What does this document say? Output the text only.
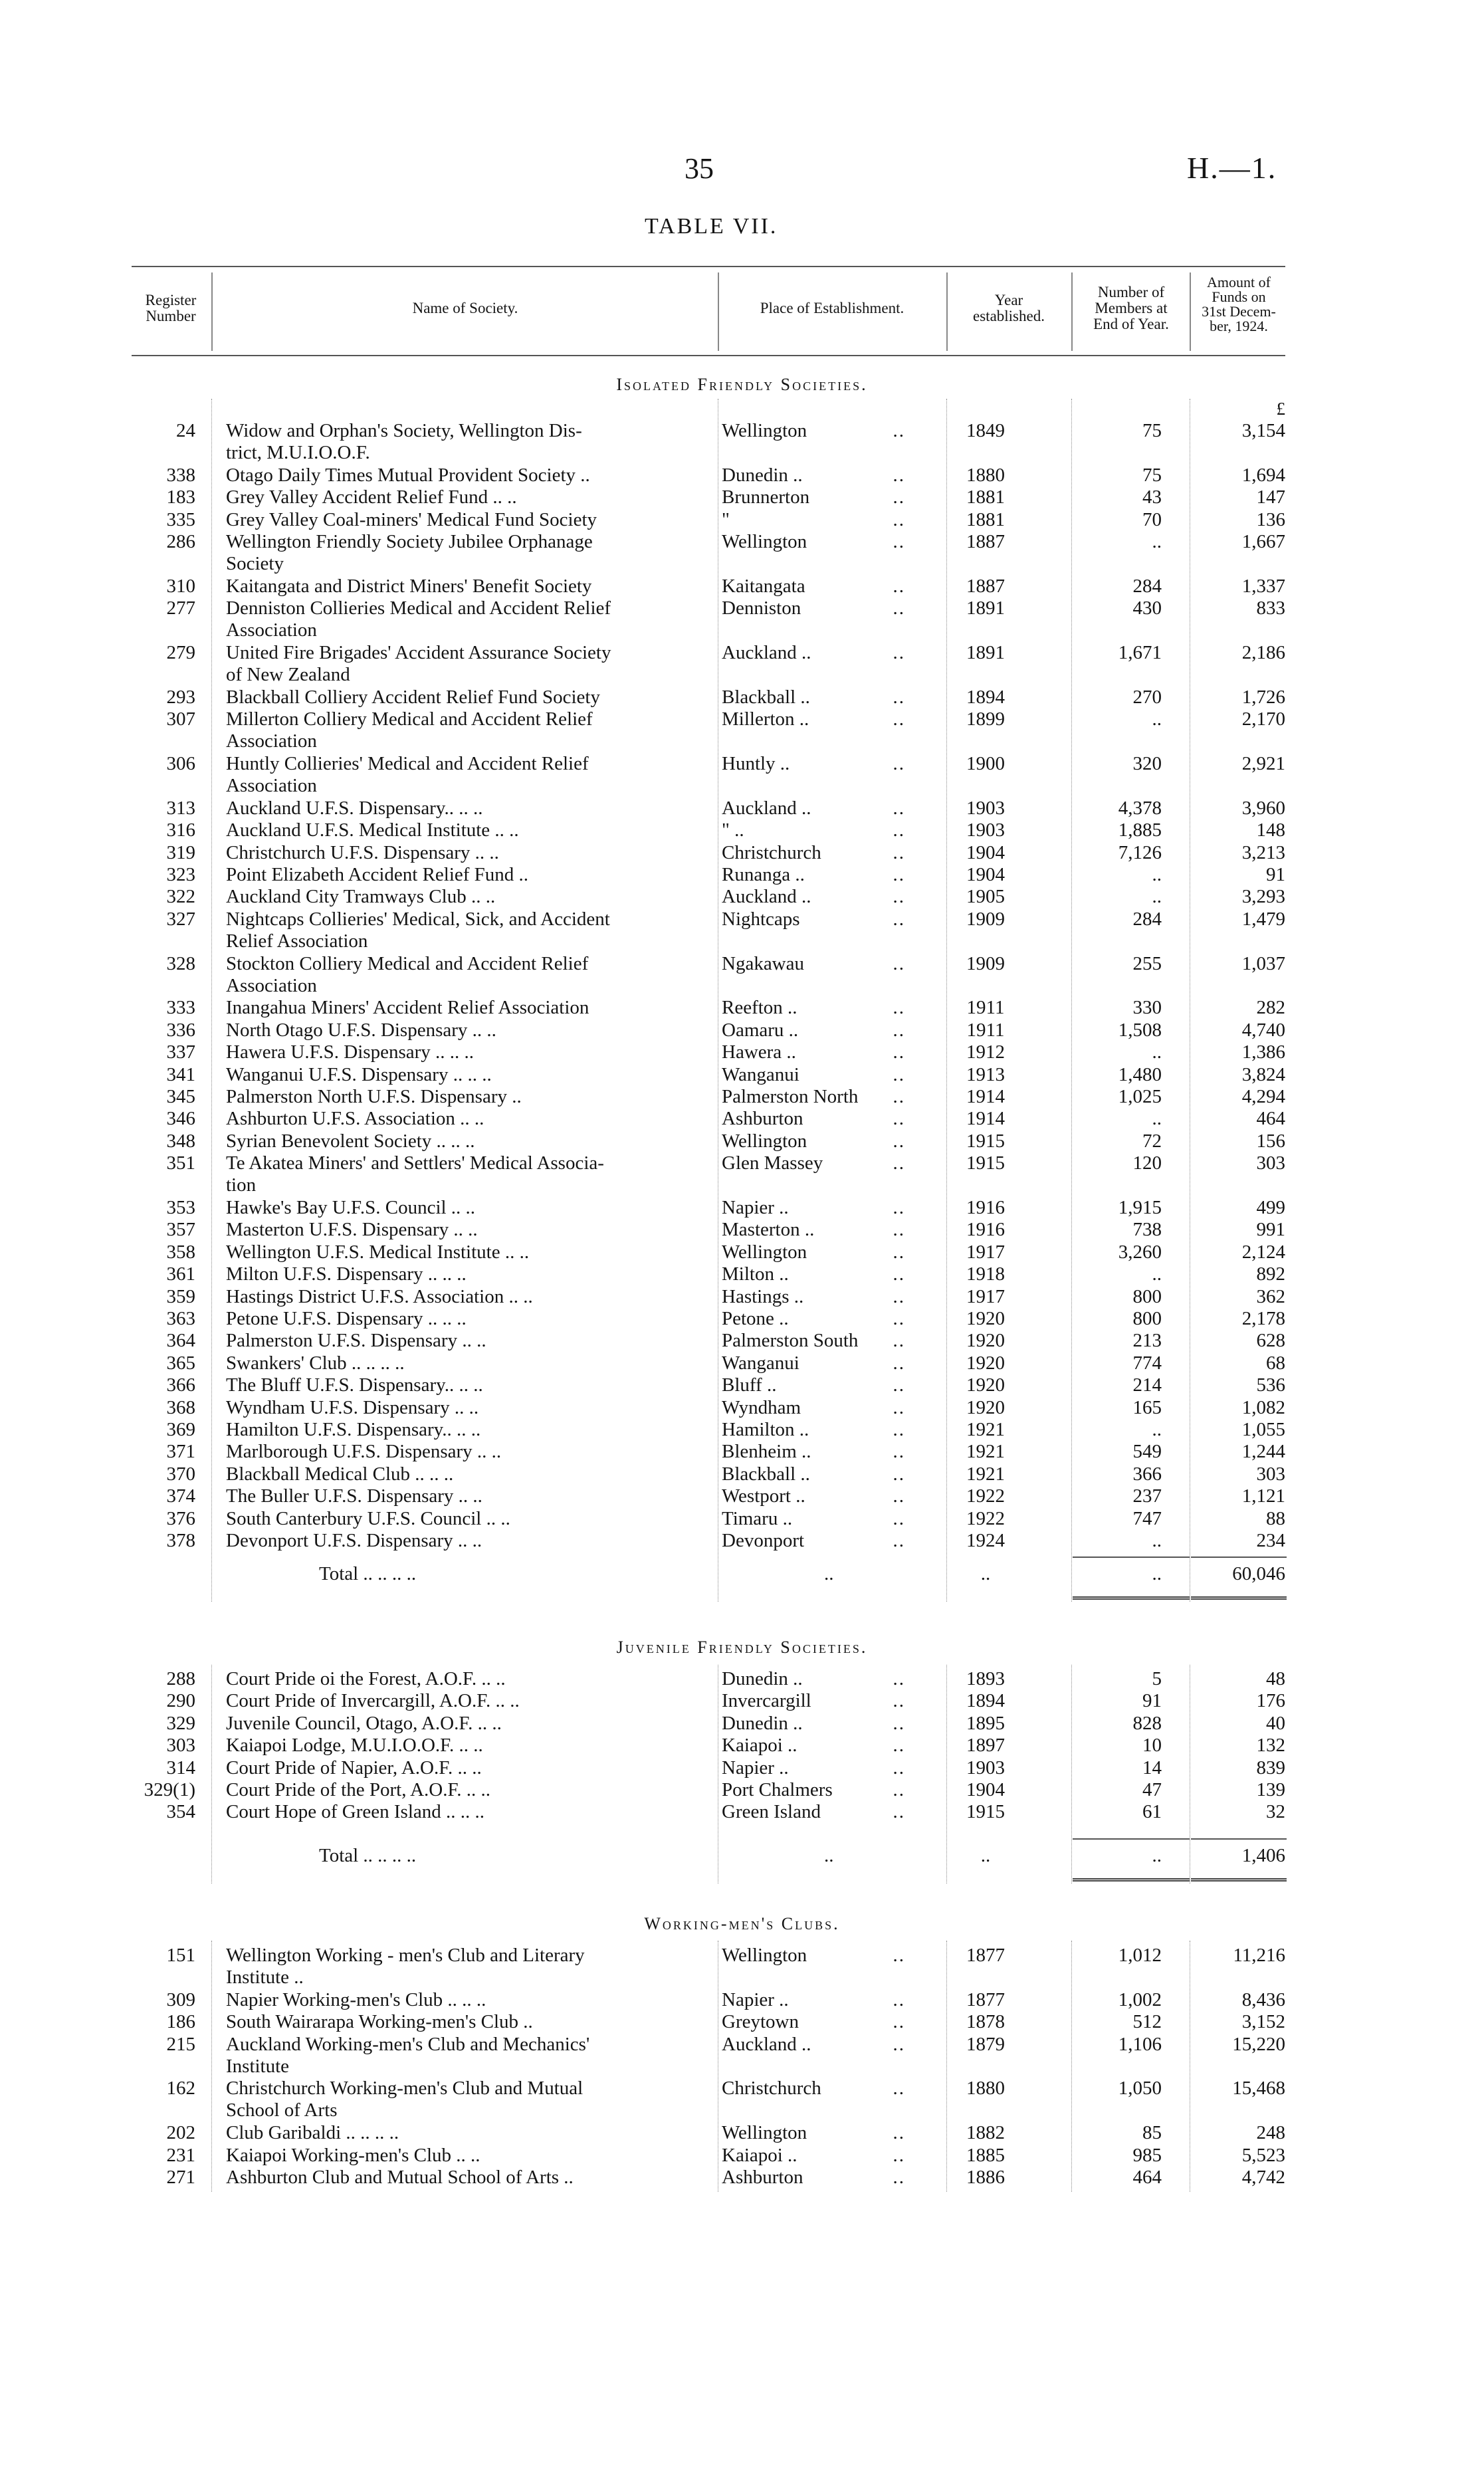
35	H.—1.
TABLE VII.
Register
Number	Name of Society.	Place of Establishment.	Year
established.
Number of
Members at
End of Year.
Amount of
Funds on
31st Decem-
ber, 1924.
Isolated Friendly Societies.
£
24 Widow and Orphan's Society, Wellington Dis-
trict, M.U.I.O.O.F.
Wellington	..	1849	75	3,154
338 Otago Daily Times Mutual Provident Society ..	Dunedin ..	..	1880	75	1,694
183 Grey Valley Accident Relief Fund .. ..	Brunnerton	..	1881	43	147
335 Grey Valley Coal-miners' Medical Fund Society	"	..	1881	70	136
286 Wellington Friendly Society Jubilee Orphanage
Society
Wellington	..	1887	..	1,667
310 Kaitangata and District Miners' Benefit Society	Kaitangata	..	1887	284	1,337
277 Denniston Collieries Medical and Accident Relief
Association
Denniston	..	1891	430	833
279 United Fire Brigades' Accident Assurance Society
of New Zealand
Auckland ..	..	1891	1,671	2,186
293 Blackball Colliery Accident Relief Fund Society	Blackball ..	..	1894	270	1,726
307 Millerton Colliery Medical and Accident Relief
Association
Millerton ..	..	1899	..	2,170
306 Huntly Collieries' Medical and Accident Relief
Association
Huntly ..	..	1900	320	2,921
313 Auckland U.F.S. Dispensary.. .. ..	Auckland ..	..	1903	4,378	3,960
316 Auckland U.F.S. Medical Institute .. ..	" ..	..	1903	1,885	148
319 Christchurch U.F.S. Dispensary .. ..	Christchurch	..	1904	7,126	3,213
323 Point Elizabeth Accident Relief Fund ..	Runanga ..	..	1904	..	91
322 Auckland City Tramways Club .. ..	Auckland ..	..	1905	..	3,293
327 Nightcaps Collieries' Medical, Sick, and Accident
Relief Association
Nightcaps	..	1909	284	1,479
328 Stockton Colliery Medical and Accident Relief
Association
Ngakawau	..	1909	255	1,037
333 Inangahua Miners' Accident Relief Association	Reefton ..	..	1911	330	282
336 North Otago U.F.S. Dispensary .. ..	Oamaru ..	..	1911	1,508	4,740
337 Hawera U.F.S. Dispensary .. .. ..	Hawera ..	..	1912	..	1,386
341 Wanganui U.F.S. Dispensary .. .. ..	Wanganui	..	1913	1,480	3,824
345 Palmerston North U.F.S. Dispensary ..	Palmerston North ..	1914	1,025	4,294
346 Ashburton U.F.S. Association .. ..	Ashburton	..	1914	..	464
348 Syrian Benevolent Society .. .. ..	Wellington	..	1915	72	156
351 Te Akatea Miners' and Settlers' Medical Associa-
tion
Glen Massey	..	1915	120	303
353 Hawke's Bay U.F.S. Council .. ..	Napier ..	..	1916	1,915	499
357 Masterton U.F.S. Dispensary .. ..	Masterton ..	..	1916	738	991
358 Wellington U.F.S. Medical Institute .. ..	Wellington	..	1917	3,260	2,124
361 Milton U.F.S. Dispensary .. .. ..	Milton ..	..	1918	..	892
359 Hastings District U.F.S. Association .. ..	Hastings ..	..	1917	800	362
363 Petone U.F.S. Dispensary .. .. ..	Petone ..	..	1920	800	2,178
364 Palmerston U.F.S. Dispensary .. ..	Palmerston South ..	1920	213	628
365 Swankers' Club .. .. .. ..	Wanganui	..	1920	774	68
366 The Bluff U.F.S. Dispensary.. .. ..	Bluff ..	..	1920	214	536
368 Wyndham U.F.S. Dispensary .. ..	Wyndham	..	1920	165	1,082
369 Hamilton U.F.S. Dispensary.. .. ..	Hamilton ..	..	1921	..	1,055
371 Marlborough U.F.S. Dispensary .. ..	Blenheim ..	..	1921	549	1,244
370 Blackball Medical Club .. .. ..	Blackball ..	..	1921	366	303
374 The Buller U.F.S. Dispensary .. ..	Westport ..	..	1922	237	1,121
376 South Canterbury U.F.S. Council .. ..	Timaru ..	..	1922	747	88
378 Devonport U.F.S. Dispensary .. ..	Devonport	..	1924	..	234
Total .. .. .. ..	..	..	..	60,046
Juvenile Friendly Societies.
288 Court Pride oi the Forest, A.O.F. .. ..	Dunedin ..	..	1893	5	48
290 Court Pride of Invercargill, A.O.F. .. ..	Invercargill	..	1894	91	176
329 Juvenile Council, Otago, A.O.F. .. ..	Dunedin ..	..	1895	828	40
303 Kaiapoi Lodge, M.U.I.O.O.F. .. ..	Kaiapoi ..	..	1897	10	132
314 Court Pride of Napier, A.O.F. .. ..	Napier ..	..	1903	14	839
329(1) Court Pride of the Port, A.O.F. .. ..	Port Chalmers	..	1904	47	139
354 Court Hope of Green Island .. .. ..	Green Island	..	1915	61	32
Total .. .. .. ..	..	..	..	1,406
Working-men's Clubs.
151 Wellington Working - men's Club and Literary
Institute ..
Wellington	..	1877	1,012	11,216
309 Napier Working-men's Club .. .. ..	Napier ..	..	1877	1,002	8,436
186 South Wairarapa Working-men's Club ..	Greytown	..	1878	512	3,152
215 Auckland Working-men's Club and Mechanics'
Institute
Auckland ..	..	1879	1,106	15,220
162 Christchurch Working-men's Club and Mutual
School of Arts
Christchurch	..	1880	1,050	15,468
202 Club Garibaldi .. .. .. ..	Wellington	..	1882	85	248
231 Kaiapoi Working-men's Club .. ..	Kaiapoi ..	..	1885	985	5,523
271 Ashburton Club and Mutual School of Arts ..	Ashburton	..	1886	464	4,742
